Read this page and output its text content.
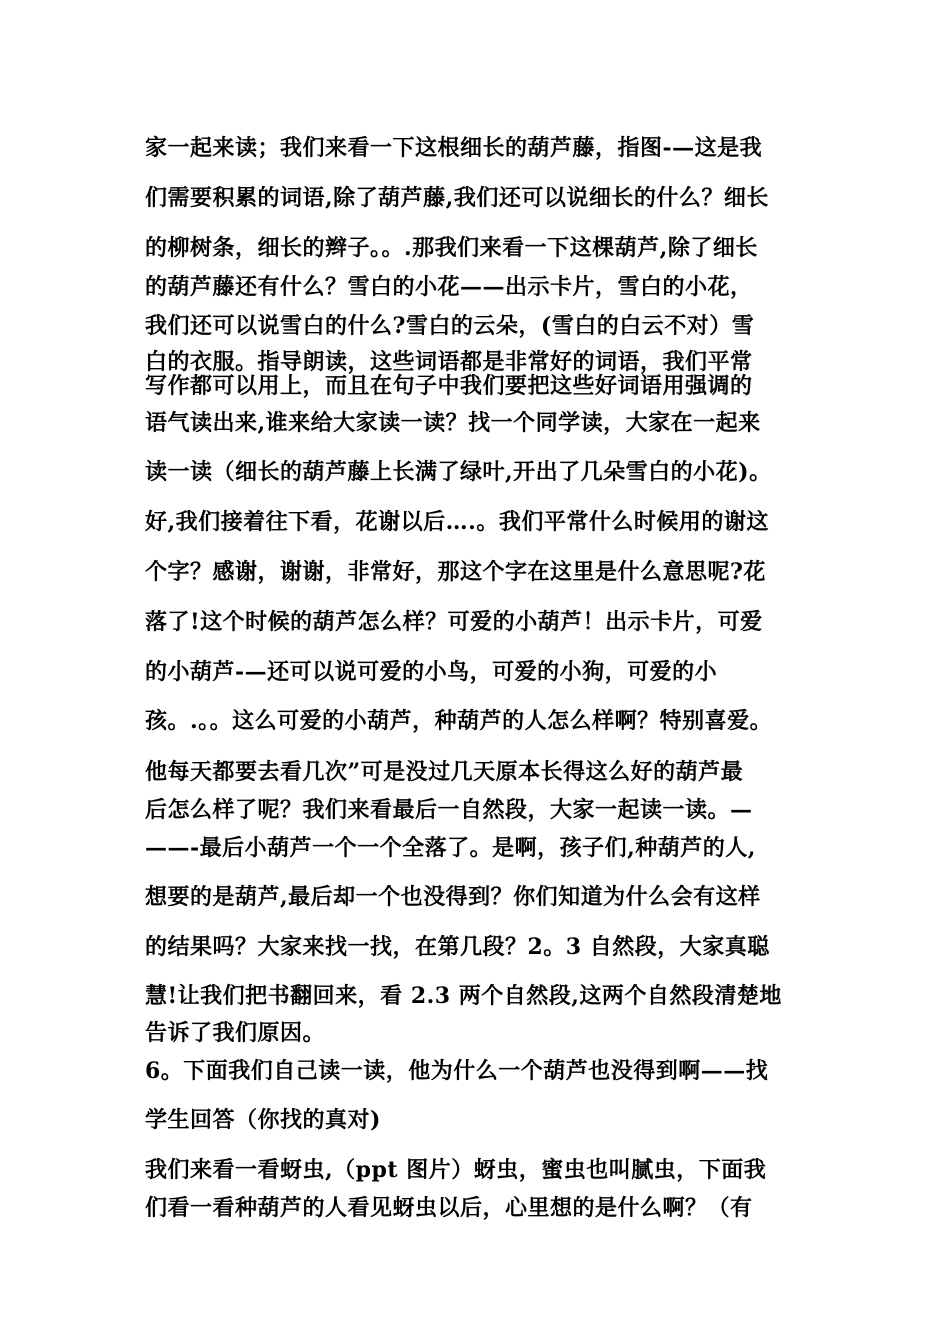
家一起来读；我们来看一下这根细长的葫芦藤，指图-—这是我
们需要积累的词语,除了葫芦藤,我们还可以说细长的什么？细长
的柳树条，细长的辫子。。.那我们来看一下这棵葫芦,除了细长
的葫芦藤还有什么？雪白的小花——出示卡片，雪白的小花，
我们还可以说雪白的什么?雪白的云朵，(雪白的白云不对）雪
白的衣服。指导朗读，这些词语都是非常好的词语，我们平常
写作都可以用上，而且在句子中我们要把这些好词语用强调的
语气读出来,谁来给大家读一读？找一个同学读，大家在一起来
读一读（细长的葫芦藤上长满了绿叶,开出了几朵雪白的小花)。
好,我们接着往下看，花谢以后….。我们平常什么时候用的谢这
个字？感谢，谢谢，非常好，那这个字在这里是什么意思呢?花
落了!这个时候的葫芦怎么样？可爱的小葫芦！出示卡片，可爱
的小葫芦-—还可以说可爱的小鸟，可爱的小狗，可爱的小
孩。.。。这么可爱的小葫芦，种葫芦的人怎么样啊？特别喜爱。
他每天都要去看几次”可是没过几天原本长得这么好的葫芦最
后怎么样了呢？我们来看最后一自然段，大家一起读一读。—
——-最后小葫芦一个一个全落了。是啊，孩子们,种葫芦的人,
想要的是葫芦,最后却一个也没得到？你们知道为什么会有这样
的结果吗？大家来找一找，在第几段？2。3 自然段，大家真聪
慧!让我们把书翻回来，看 2.3 两个自然段,这两个自然段清楚地
告诉了我们原因。
6。下面我们自己读一读，他为什么一个葫芦也没得到啊——找
学生回答（你找的真对)
我们来看一看蚜虫,（ppt 图片）蚜虫，蜜虫也叫腻虫，下面我
们看一看种葫芦的人看见蚜虫以后，心里想的是什么啊？（有
